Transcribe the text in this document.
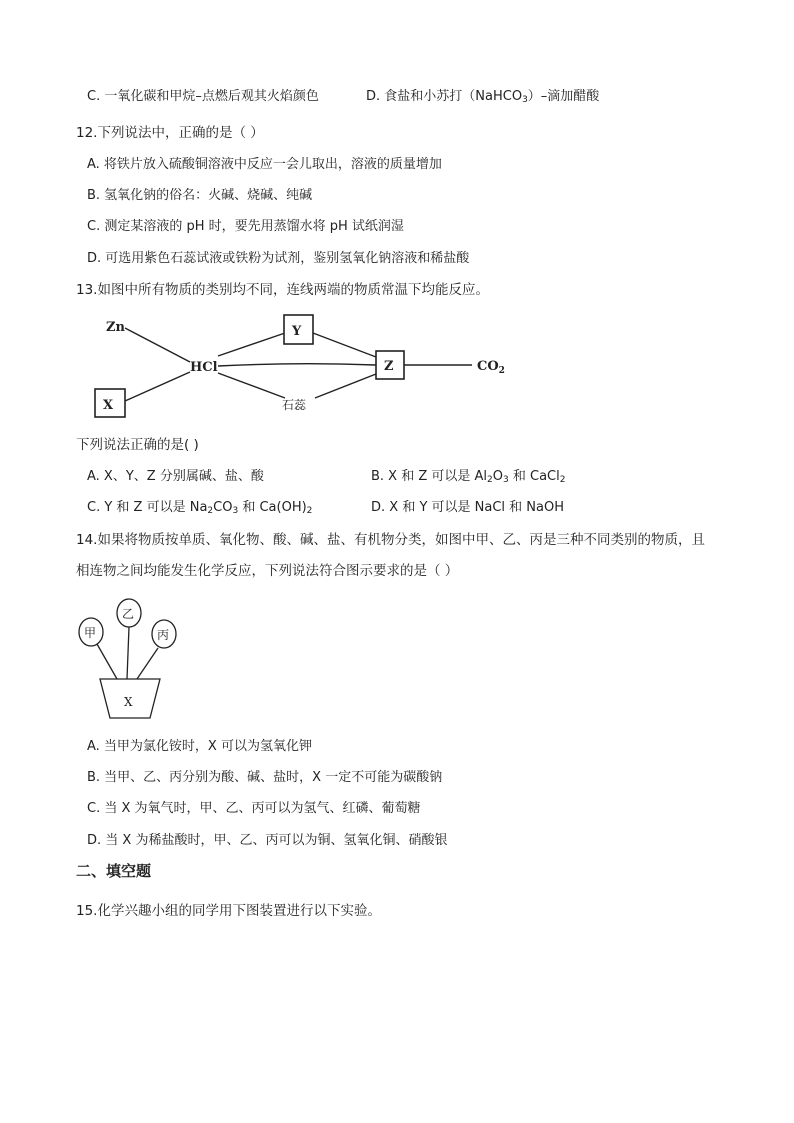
C. 一氧化碳和甲烷–点燃后观其火焰颜色	D. 食盐和小苏打（NaHCO$_3$）–滴加醋酸
12.下列说法中，正确的是（ ）
A. 将铁片放入硫酸铜溶液中反应一会儿取出，溶液的质量增加
B. 氢氧化钠的俗名：火碱、烧碱、纯碱
C. 测定某溶液的 pH 时，要先用蒸馏水将 pH 试纸润湿
D. 可选用紫色石蕊试液或铁粉为试剂，鉴别氢氧化钠溶液和稀盐酸
13.如图中所有物质的类别均不同，连线两端的物质常温下均能反应。
Zn
HCl
Y
Z
X
$CO_2$
石蕊
甲
乙
丙
X
下列说法正确的是( )
A. X、Y、Z 分别属碱、盐、酸	B. X 和 Z 可以是 $Al_2O_3$ 和 CaCl$_2$
C. Y 和 Z 可以是 $Na_2CO_3$ 和 $Ca(OH)_2$	D. X 和 Y 可以是 NaCl 和 NaOH
14.如果将物质按单质、氧化物、酸、碱、盐、有机物分类，如图中甲、乙、丙是三种不同类别的物质，且
相连物之间均能发生化学反应，下列说法符合图示要求的是（ ）
A. 当甲为氯化铵时，X 可以为氢氧化钾
B. 当甲、乙、丙分别为酸、碱、盐时，X 一定不可能为碳酸钠
C. 当 X 为氧气时，甲、乙、丙可以为氢气、红磷、葡萄糖
D. 当 X 为稀盐酸时，甲、乙、丙可以为铜、氢氧化铜、硝酸银
二、填空题
15.化学兴趣小组的同学用下图装置进行以下实验。
